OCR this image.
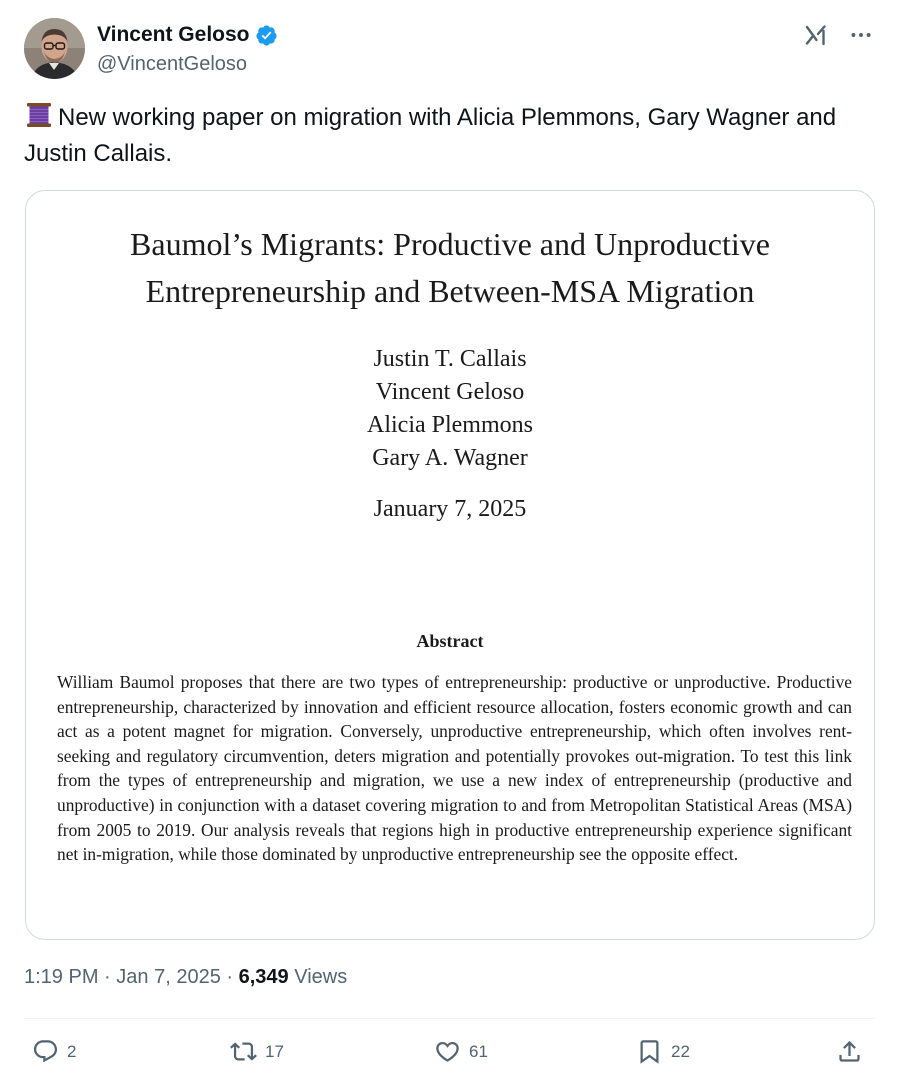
Vincent Geloso
@VincentGeloso
New working paper on migration with Alicia Plemmons, Gary Wagner and Justin Callais.
Baumol’s Migrants: Productive and Unproductive Entrepreneurship and Between-MSA Migration
Justin T. Callais
Vincent Geloso
Alicia Plemmons
Gary A. Wagner
January 7, 2025
Abstract
William Baumol proposes that there are two types of entrepreneurship: productive or unproductive. Productive entrepreneurship, characterized by innovation and efficient resource allocation, fosters economic growth and can act as a potent magnet for migration. Conversely, unproductive entrepreneurship, which often involves rent-seeking and regulatory circumvention, deters migration and potentially provokes out-migration. To test this link from the types of entrepreneurship and migration, we use a new index of entrepreneurship (productive and unproductive) in conjunction with a dataset covering migration to and from Metropolitan Statistical Areas (MSA) from 2005 to 2019. Our analysis reveals that regions high in productive entrepreneurship experience significant net in-migration, while those dominated by unproductive entrepreneurship see the opposite effect.
1:19 PM · Jan 7, 2025 · 6,349 Views
2	17	61	22
